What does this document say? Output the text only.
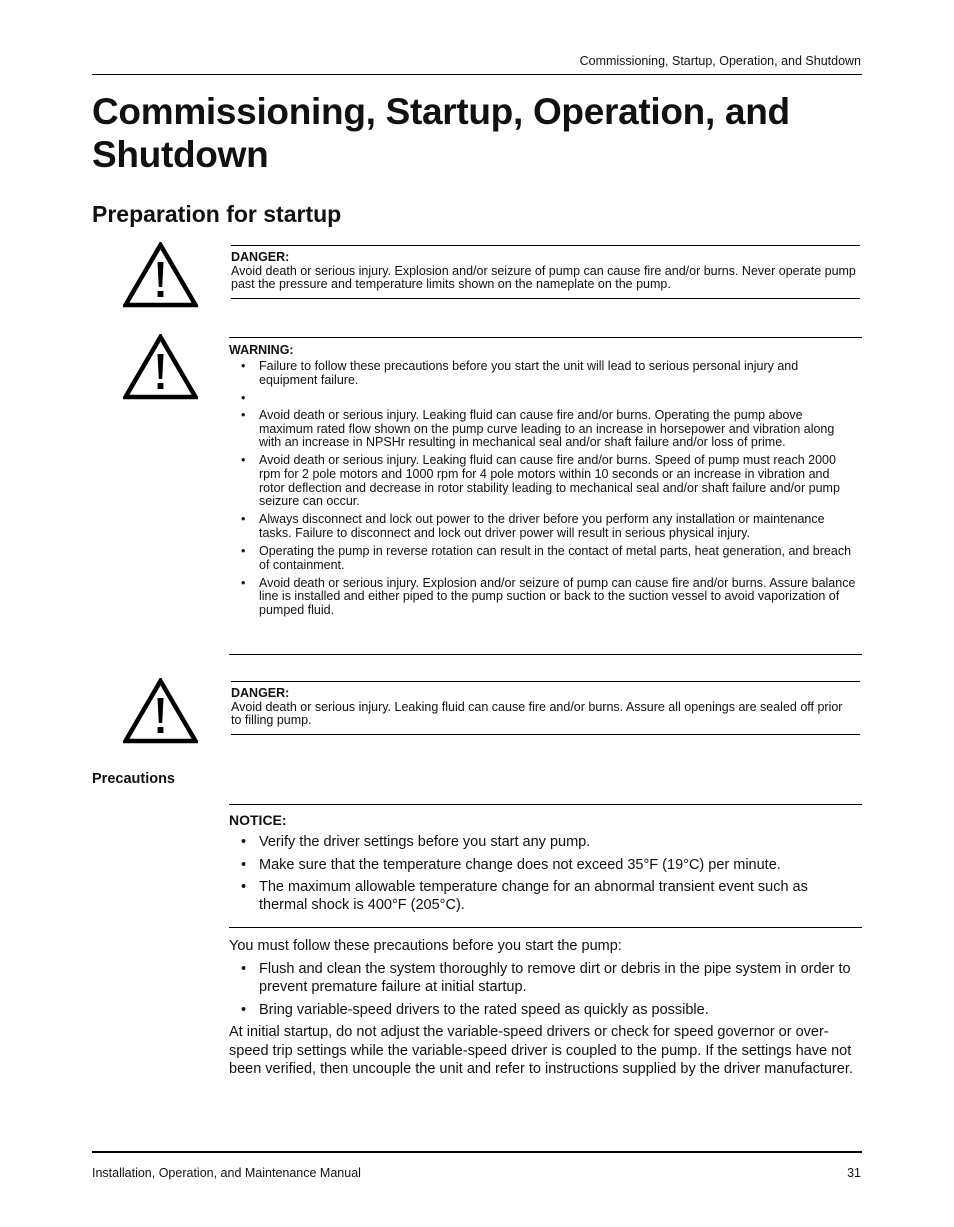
Commissioning, Startup, Operation, and Shutdown
Commissioning, Startup, Operation, and Shutdown
Preparation for startup
DANGER:

Avoid death or serious injury. Explosion and/or seizure of pump can cause fire and/or burns. Never operate pump past the pressure and temperature limits shown on the nameplate on the pump.

WARNING:
• Failure to follow these precautions before you start the unit will lead to serious personal injury and equipment failure.
•
• Avoid death or serious injury. Leaking fluid can cause fire and/or burns. Operating the pump above maximum rated flow shown on the pump curve leading to an increase in horsepower and vibration along with an increase in NPSHr resulting in mechanical seal and/or shaft failure and/or loss of prime.
• Avoid death or serious injury. Leaking fluid can cause fire and/or burns. Speed of pump must reach 2000 rpm for 2 pole motors and 1000 rpm for 4 pole motors within 10 seconds or an increase in vibration and rotor deflection and decrease in rotor stability leading to mechanical seal and/or shaft failure and/or pump seizure can occur.
• Always disconnect and lock out power to the driver before you perform any installation or maintenance tasks. Failure to disconnect and lock out driver power will result in serious physical injury.
• Operating the pump in reverse rotation can result in the contact of metal parts, heat generation, and breach of containment.
• Avoid death or serious injury. Explosion and/or seizure of pump can cause fire and/or burns. Assure balance line is installed and either piped to the pump suction or back to the suction vessel to avoid vaporization of pumped fluid.
DANGER:

Avoid death or serious injury. Leaking fluid can cause fire and/or burns. Assure all openings are sealed off prior to filling pump.

Precautions
NOTICE:
• Verify the driver settings before you start any pump.
• Make sure that the temperature change does not exceed 35°F (19°C) per minute.
• The maximum allowable temperature change for an abnormal transient event such as thermal shock is 400°F (205°C).
You must follow these precautions before you start the pump:
• Flush and clean the system thoroughly to remove dirt or debris in the pipe system in order to prevent premature failure at initial startup.
• Bring variable-speed drivers to the rated speed as quickly as possible.
At initial startup, do not adjust the variable-speed drivers or check for speed governor or over-speed trip settings while the variable-speed driver is coupled to the pump. If the settings have not been verified, then uncouple the unit and refer to instructions supplied by the driver manufacturer.
Installation, Operation, and Maintenance Manual	31
